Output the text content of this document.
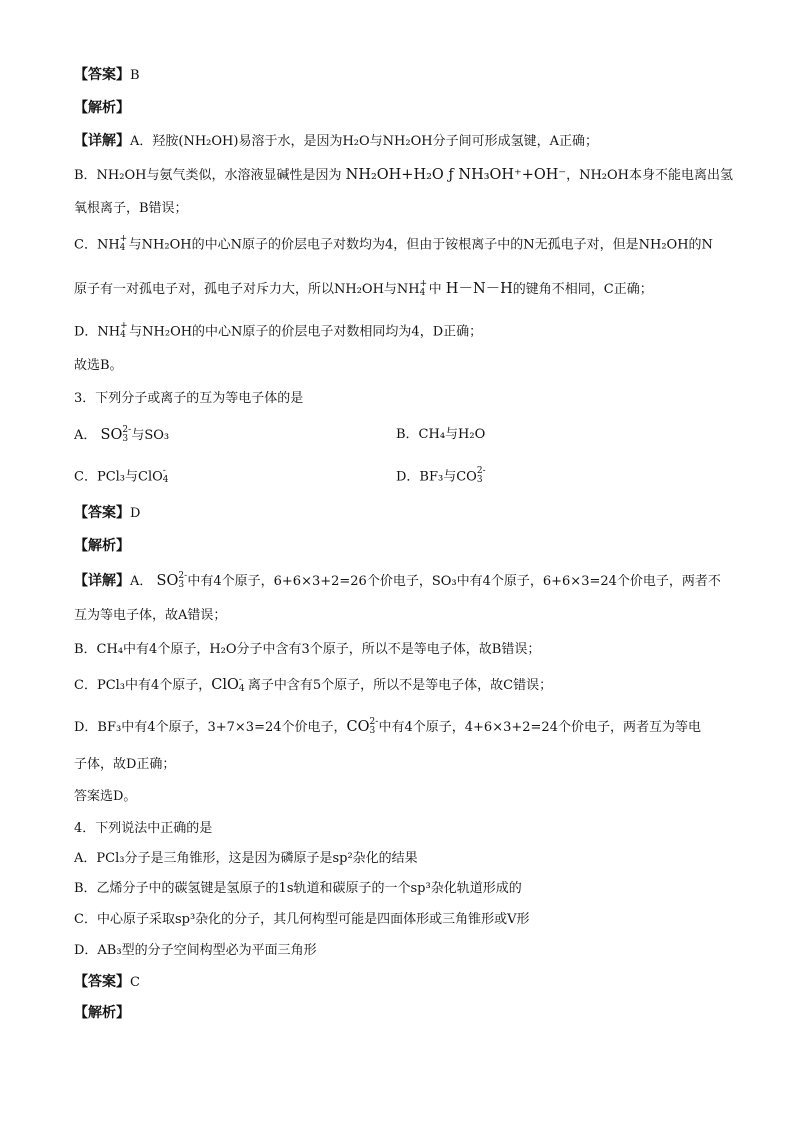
【答案】B
【解析】
【详解】A．羟胺(NH₂OH)易溶于水，是因为H₂O与NH₂OH分子间可形成氢键，A正确；
B．NH₂OH与氨气类似，水溶液显碱性是因为 NH₂OH+H₂O ƒ NH₃OH⁺+OH⁻，NH₂OH本身不能电离出氢
氧根离子，B错误；
C．NH +
4 与NH₂OH的中心N原子的价层电子对数均为4，但由于铵根离子中的N无孤电子对，但是NH₂OH的N
原子有一对孤电子对，孤电子对斥力大，所以NH₂OH与NH +
4 中 H－N－H的键角不相同，C正确；
D．NH +
4 与NH₂OH的中心N原子的价层电子对数相同均为4，D正确；
故选B。
3．下列分子或离子的互为等电子体的是
A． SO 2-
3 与SO₃	B．CH₄与H₂O
C．PCl₃与ClO -
4	D．BF₃与CO 2-
3
【答案】D
【解析】
【详解】A． SO 2-
3 中有4个原子，6+6×3+2=26个价电子，SO₃中有4个原子，6+6×3=24个价电子，两者不
互为等电子体，故A错误；
B．CH₄中有4个原子，H₂O分子中含有3个原子，所以不是等电子体，故B错误；
C．PCl₃中有4个原子，ClO -
4 离子中含有5个原子，所以不是等电子体，故C错误；
D．BF₃中有4个原子，3+7×3=24个价电子，CO 2-
3 中有4个原子，4+6×3+2=24个价电子，两者互为等电
子体，故D正确；
答案选D。
4．下列说法中正确的是
A．PCl₃分子是三角锥形，这是因为磷原子是sp²杂化的结果
B．乙烯分子中的碳氢键是氢原子的1s轨道和碳原子的一个sp³杂化轨道形成的
C．中心原子采取sp³杂化的分子，其几何构型可能是四面体形或三角锥形或V形
D．AB₃型的分子空间构型必为平面三角形
【答案】C
【解析】
